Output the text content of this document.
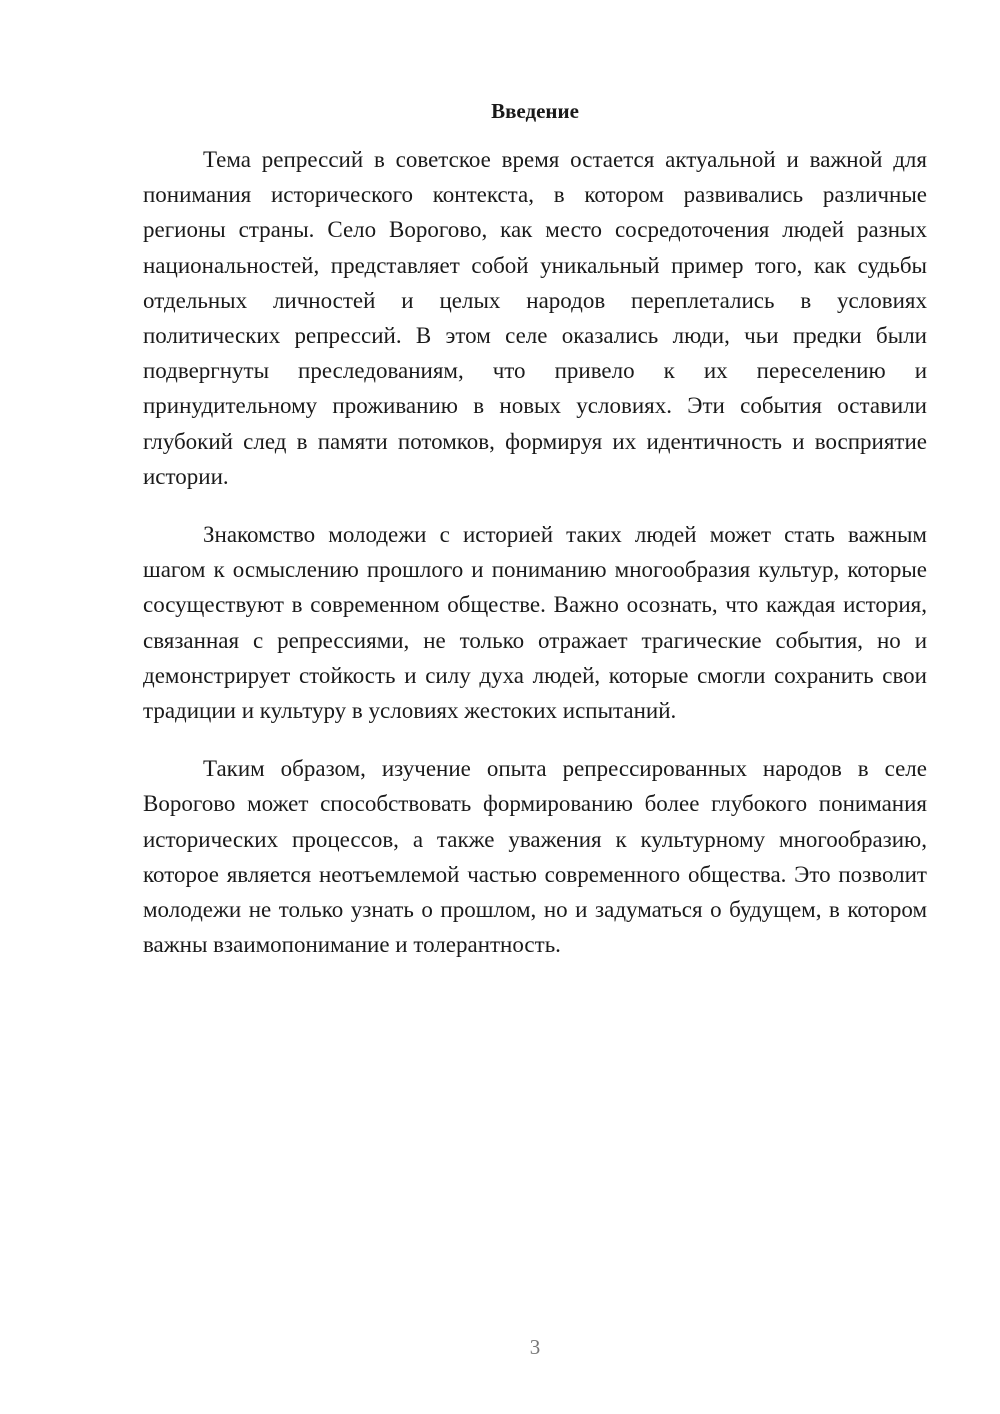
Введение

Тема репрессий в советское время остается актуальной и важной для понимания исторического контекста, в котором развивались различные регионы страны. Село Ворогово, как место сосредоточения людей разных национальностей, представляет собой уникальный пример того, как судьбы отдельных личностей и целых народов переплетались в условиях политических репрессий. В этом селе оказались люди, чьи предки были подвергнуты преследованиям, что привело к их переселению и принудительному проживанию в новых условиях. Эти события оставили глубокий след в памяти потомков, формируя их идентичность и восприятие истории.

Знакомство молодежи с историей таких людей может стать важным шагом к осмыслению прошлого и пониманию многообразия культур, которые сосуществуют в современном обществе. Важно осознать, что каждая история, связанная с репрессиями, не только отражает трагические события, но и демонстрирует стойкость и силу духа людей, которые смогли сохранить свои традиции и культуру в условиях жестоких испытаний.

Таким образом, изучение опыта репрессированных народов в селе Ворогово может способствовать формированию более глубокого понимания исторических процессов, а также уважения к культурному многообразию, которое является неотъемлемой частью современного общества. Это позволит молодежи не только узнать о прошлом, но и задуматься о будущем, в котором важны взаимопонимание и толерантность.

3
